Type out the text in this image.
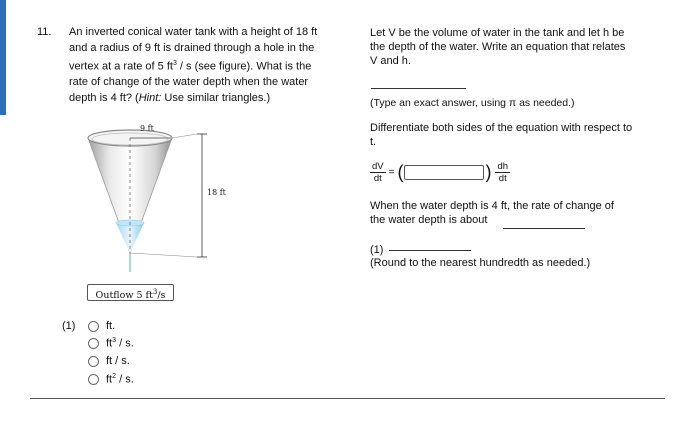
11. An inverted conical water tank with a height of 18 ft
and a radius of 9 ft is drained through a hole in the
vertex at a rate of 5 $ft^3$ / s (see figure). What is the
rate of change of the water depth when the water
depth is 4 ft? (Hint: Use similar triangles.)
9 ft
18 ft
Outflow 5 $ft^3/s$
(1)	ft.
$ft^3$ / s.
ft / s.
$ft^2$ / s.
Let V be the volume of water in the tank and let h be
the depth of the water. Write an equation that relates
V and h.
(Type an exact answer, using π as needed.)
Differentiate both sides of the equation with respect to
t.
$\frac{dV}{dt}$ = (	) $\frac{dh}{dt}$
When the water depth is 4 ft, the rate of change of
the water depth is about
(1)
(Round to the nearest hundredth as needed.)
